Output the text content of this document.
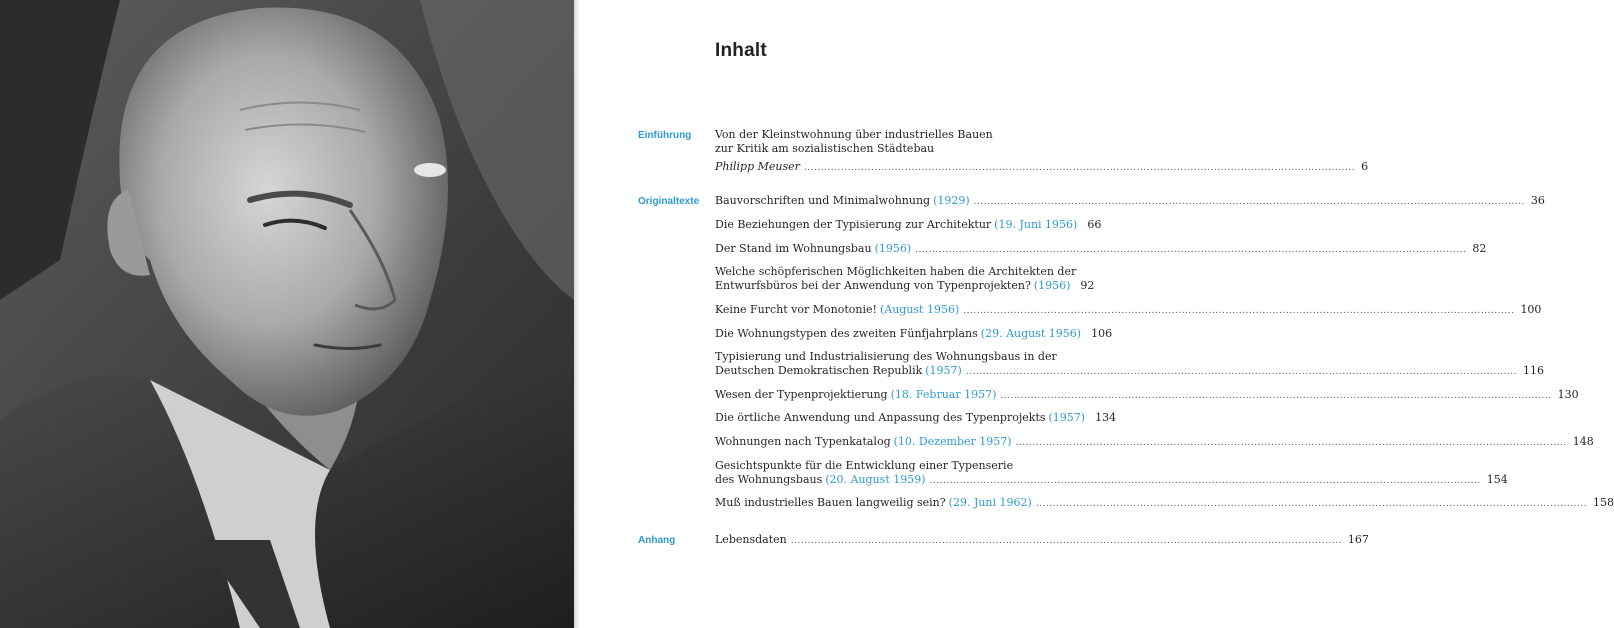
Inhalt
Einführung
Originaltexte
Anhang
Von der Kleinstwohnung über industrielles Bauen
zur Kritik am sozialistischen Städtebau
Philipp Meuser .................................................................................................................................................................... 6
Bauvorschriften und Minimalwohnung (1929) .................................................................................................................................................................... 36
Die Beziehungen der Typisierung zur Architektur (19. Juni 1956) 66
Der Stand im Wohnungsbau (1956) .................................................................................................................................................................... 82
Welche schöpferischen Möglichkeiten haben die Architekten der
Entwurfsbüros bei der Anwendung von Typenprojekten? (1956) 92
Keine Furcht vor Monotonie! (August 1956) .................................................................................................................................................................... 100
Die Wohnungstypen des zweiten Fünfjahrplans (29. August 1956) 106
Typisierung und Industrialisierung des Wohnungsbaus in der
Deutschen Demokratischen Republik (1957) .................................................................................................................................................................... 116
Wesen der Typenprojektierung (18. Februar 1957) .................................................................................................................................................................... 130
Die örtliche Anwendung und Anpassung des Typenprojekts (1957) 134
Wohnungen nach Typenkatalog (10. Dezember 1957) .................................................................................................................................................................... 148
Gesichtspunkte für die Entwicklung einer Typenserie
des Wohnungsbaus (20. August 1959) .................................................................................................................................................................... 154
Muß industrielles Bauen langweilig sein? (29. Juni 1962) .................................................................................................................................................................... 158
Lebensdaten .................................................................................................................................................................... 167
